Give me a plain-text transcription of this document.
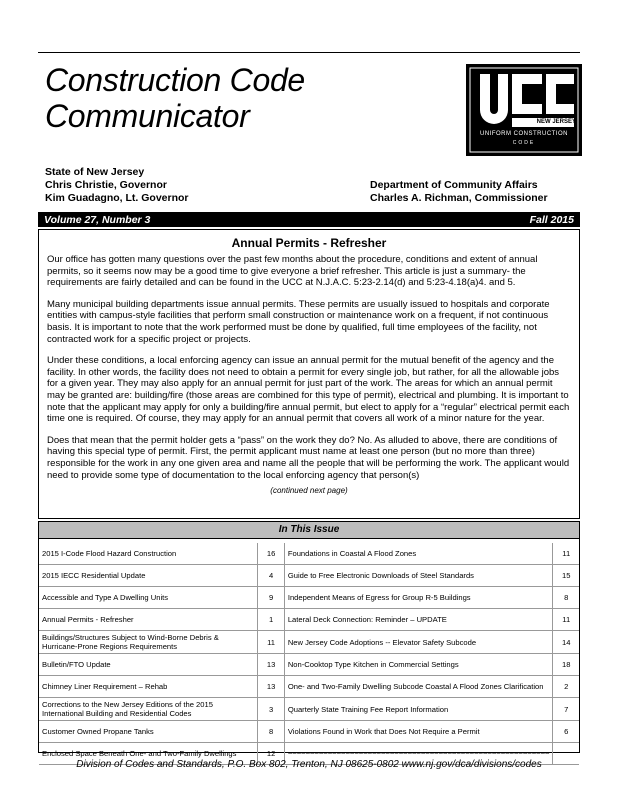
Construction Code
Communicator	NEW JERSEY
UNIFORM CONSTRUCTION
CODE
State of New Jersey
Chris Christie, Governor
Kim Guadagno, Lt. Governor
Department of Community Affairs
Charles A. Richman, Commissioner
Volume 27, Number 3	Fall 2015
Annual Permits - Refresher

Our office has gotten many questions over the past few months about the procedure, conditions and extent of annual permits, so it seems now may be a good time to give everyone a brief refresher. This article is just a summary- the requirements are fairly detailed and can be found in the UCC at N.J.A.C. 5:23-2.14(d) and 5:23-4.18(a)4. and 5.

Many municipal building departments issue annual permits. These permits are usually issued to hospitals and corporate entities with campus-style facilities that perform small construction or maintenance work on a frequent, if not continuous basis. It is important to note that the work performed must be done by qualified, full time employees of the facility, not contracted work for a specific project or projects.

Under these conditions, a local enforcing agency can issue an annual permit for the mutual benefit of the agency and the facility. In other words, the facility does not need to obtain a permit for every single job, but rather, for all the allowable jobs for a given year. They may also apply for an annual permit for just part of the work. The areas for which an annual permit may be granted are: building/fire (those areas are combined for this type of permit), electrical and plumbing. It is important to note that the applicant may apply for only a building/fire annual permit, but elect to apply for a “regular” electrical permit each time one is required. Of course, they may apply for an annual permit that covers all work of a minor nature for the year.

Does that mean that the permit holder gets a “pass” on the work they do? No. As alluded to above, there are conditions of having this special type of permit. First, the permit applicant must name at least one person (but no more than three) responsible for the work in any one given area and name all the people that will be performing the work. The applicant would need to provide some type of documentation to the local enforcing agency that person(s)

(continued next page)
In This Issue
2015 I-Code Flood Hazard Construction	16	Foundations in Coastal A Flood Zones	11
2015 IECC Residential Update	4	Guide to Free Electronic Downloads of Steel Standards	15
Accessible and Type A Dwelling Units	9	Independent Means of Egress for Group R-5 Buildings	8
Annual Permits - Refresher	1	Lateral Deck Connection: Reminder – UPDATE	11
Buildings/Structures Subject to Wind-Borne Debris & Hurricane-Prone Regions Requirements	11	New Jersey Code Adoptions -- Elevator Safety Subcode	14
Bulletin/FTO Update	13	Non-Cooktop Type Kitchen in Commercial Settings	18
Chimney Liner Requirement – Rehab	13	One- and Two-Family Dwelling Subcode Coastal A Flood Zones Clarification	2
Corrections to the New Jersey Editions of the 2015 International Building and Residential Codes	3	Quarterly State Training Fee Report Information	7
Customer Owned Propane Tanks	8	Violations Found in Work that Does Not Require a Permit	6
Enclosed Space Beneath One- and Two-Family Dwellings	12	~~~~~~~~~~~~~~~~~~~~~~~~~~~~~~~~~~~~~~~~~~~~~~~~~~~~~~~~~~~	
Division of Codes and Standards, P.O. Box 802, Trenton, NJ 08625-0802 www.nj.gov/dca/divisions/codes
